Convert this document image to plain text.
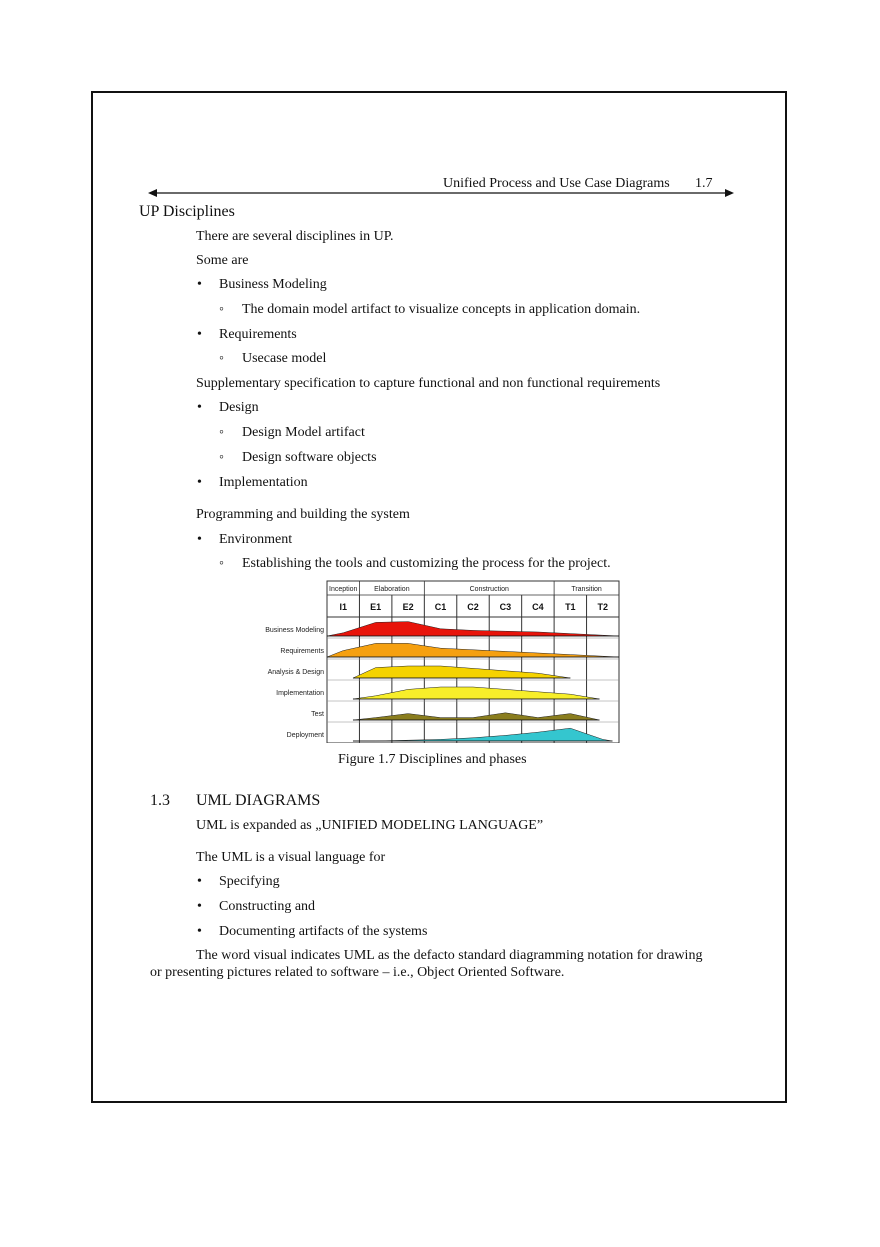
Unified Process and Use Case Diagrams 1.7
UP Disciplines
There are several disciplines in UP.
Some are
• Business Modeling
◦ The domain model artifact to visualize concepts in application domain.
• Requirements
◦ Usecase model
Supplementary specification to capture functional and non functional requirements
• Design
◦ Design Model artifact
◦ Design software objects
• Implementation
Programming and building the system
• Environment
◦ Establishing the tools and customizing the process for the project.
Inception Elaboration	Construction	Transition
I1	E1 E2 C1 C2 C3 C4 T1 T2
Business Modeling
Requirements
Analysis & Design
Implementation
Test
Deployment
Figure 1.7 Disciplines and phases
1.3 UML DIAGRAMS
UML is expanded as „UNIFIED MODELING LANGUAGE”
The UML is a visual language for
• Specifying
• Constructing and
• Documenting artifacts of the systems
The word visual indicates UML as the defacto standard diagramming notation for drawing
or presenting pictures related to software – i.e., Object Oriented Software.
